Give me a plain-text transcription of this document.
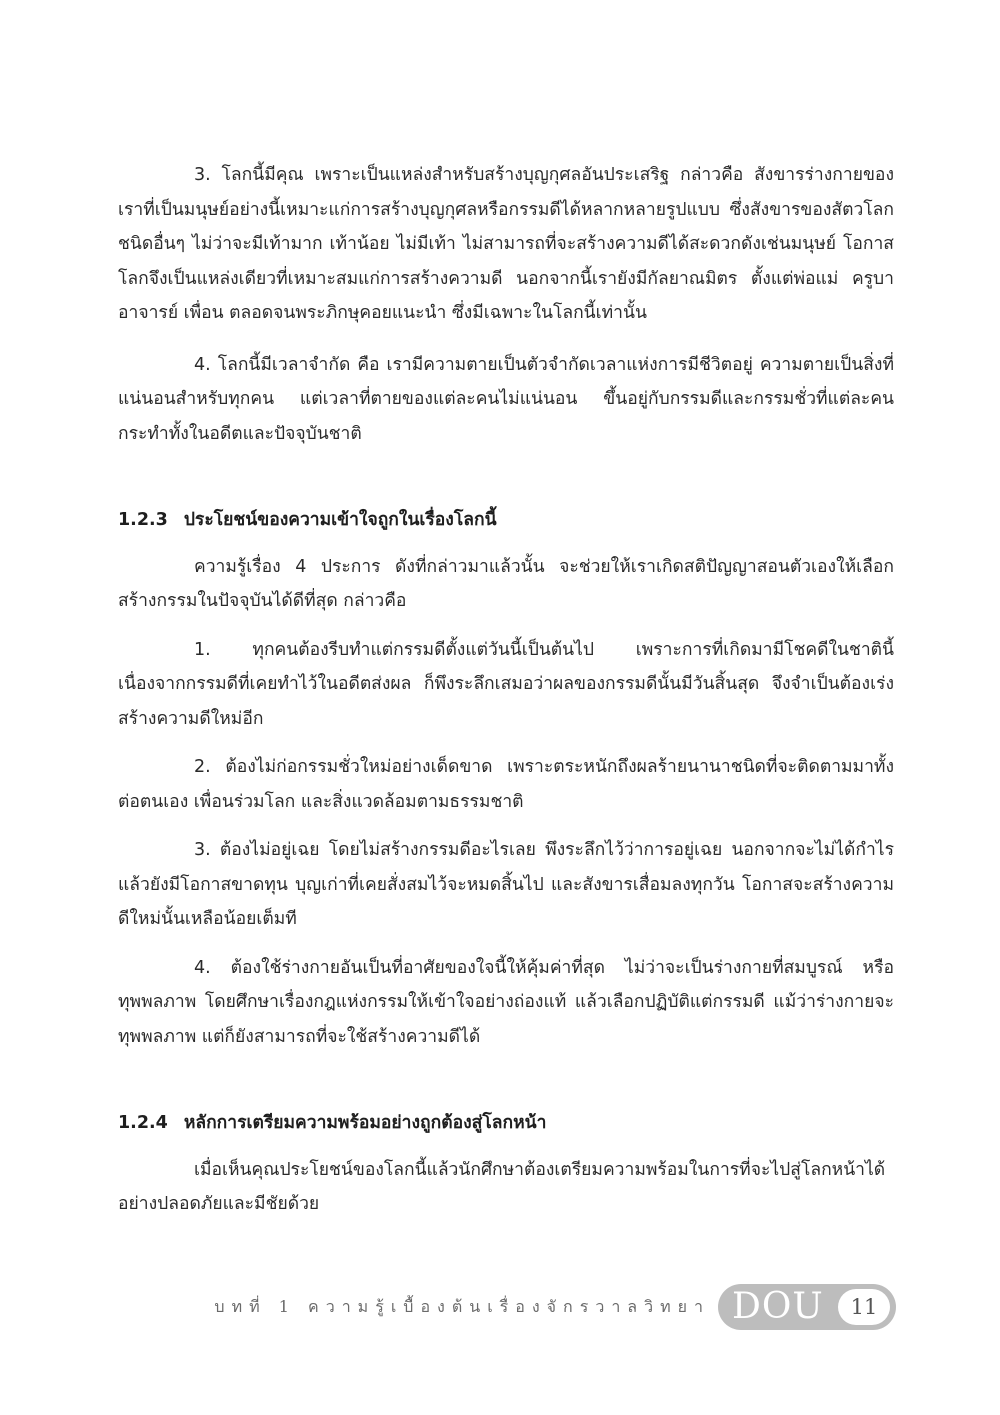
3. โลกนี้มีคุณ เพราะเป็นแหล่งสำหรับสร้างบุญกุศลอันประเสริฐ กล่าวคือ สังขารร่างกายของเราที่เป็นมนุษย์อย่างนี้เหมาะแก่การสร้างบุญกุศลหรือกรรมดีได้หลากหลายรูปแบบ ซึ่งสังขารของสัตวโลกชนิดอื่นๆ ไม่ว่าจะมีเท้ามาก เท้าน้อย ไม่มีเท้า ไม่สามารถที่จะสร้างความดีได้สะดวกดังเช่นมนุษย์ โอกาสโลกจึงเป็นแหล่งเดียวที่เหมาะสมแก่การสร้างความดี นอกจากนี้เรายังมีกัลยาณมิตร ตั้งแต่พ่อแม่ ครูบาอาจารย์ เพื่อน ตลอดจนพระภิกษุคอยแนะนำ ซึ่งมีเฉพาะในโลกนี้เท่านั้น

4. โลกนี้มีเวลาจำกัด คือ เรามีความตายเป็นตัวจำกัดเวลาแห่งการมีชีวิตอยู่ ความตายเป็นสิ่งที่แน่นอนสำหรับทุกคน แต่เวลาที่ตายของแต่ละคนไม่แน่นอน ขึ้นอยู่กับกรรมดีและกรรมชั่วที่แต่ละคนกระทำทั้งในอดีตและปัจจุบันชาติ

1.2.3 ประโยชน์ของความเข้าใจถูกในเรื่องโลกนี้

ความรู้เรื่อง 4 ประการ ดังที่กล่าวมาแล้วนั้น จะช่วยให้เราเกิดสติปัญญาสอนตัวเองให้เลือกสร้างกรรมในปัจจุบันได้ดีที่สุด กล่าวคือ

1. ทุกคนต้องรีบทำแต่กรรมดีตั้งแต่วันนี้เป็นต้นไป เพราะการที่เกิดมามีโชคดีในชาตินี้ เนื่องจากกรรมดีที่เคยทำไว้ในอดีตส่งผล ก็พึงระลึกเสมอว่าผลของกรรมดีนั้นมีวันสิ้นสุด จึงจำเป็นต้องเร่งสร้างความดีใหม่อีก

2. ต้องไม่ก่อกรรมชั่วใหม่อย่างเด็ดขาด เพราะตระหนักถึงผลร้ายนานาชนิดที่จะติดตามมาทั้งต่อตนเอง เพื่อนร่วมโลก และสิ่งแวดล้อมตามธรรมชาติ

3. ต้องไม่อยู่เฉย โดยไม่สร้างกรรมดีอะไรเลย พึงระลึกไว้ว่าการอยู่เฉย นอกจากจะไม่ได้กำไรแล้วยังมีโอกาสขาดทุน บุญเก่าที่เคยสั่งสมไว้จะหมดสิ้นไป และสังขารเสื่อมลงทุกวัน โอกาสจะสร้างความดีใหม่นั้นเหลือน้อยเต็มที

4. ต้องใช้ร่างกายอันเป็นที่อาศัยของใจนี้ให้คุ้มค่าที่สุด ไม่ว่าจะเป็นร่างกายที่สมบูรณ์ หรือทุพพลภาพ โดยศึกษาเรื่องกฎแห่งกรรมให้เข้าใจอย่างถ่องแท้ แล้วเลือกปฏิบัติแต่กรรมดี แม้ว่าร่างกายจะทุพพลภาพ แต่ก็ยังสามารถที่จะใช้สร้างความดีได้

1.2.4 หลักการเตรียมความพร้อมอย่างถูกต้องสู่โลกหน้า

เมื่อเห็นคุณประโยชน์ของโลกนี้แล้วนักศึกษาต้องเตรียมความพร้อมในการที่จะไปสู่โลกหน้าได้อย่างปลอดภัยและมีชัยด้วย

บทที่ 1 ความรู้เบื้องต้นเรื่องจักรวาลวิทยา DOU	11
